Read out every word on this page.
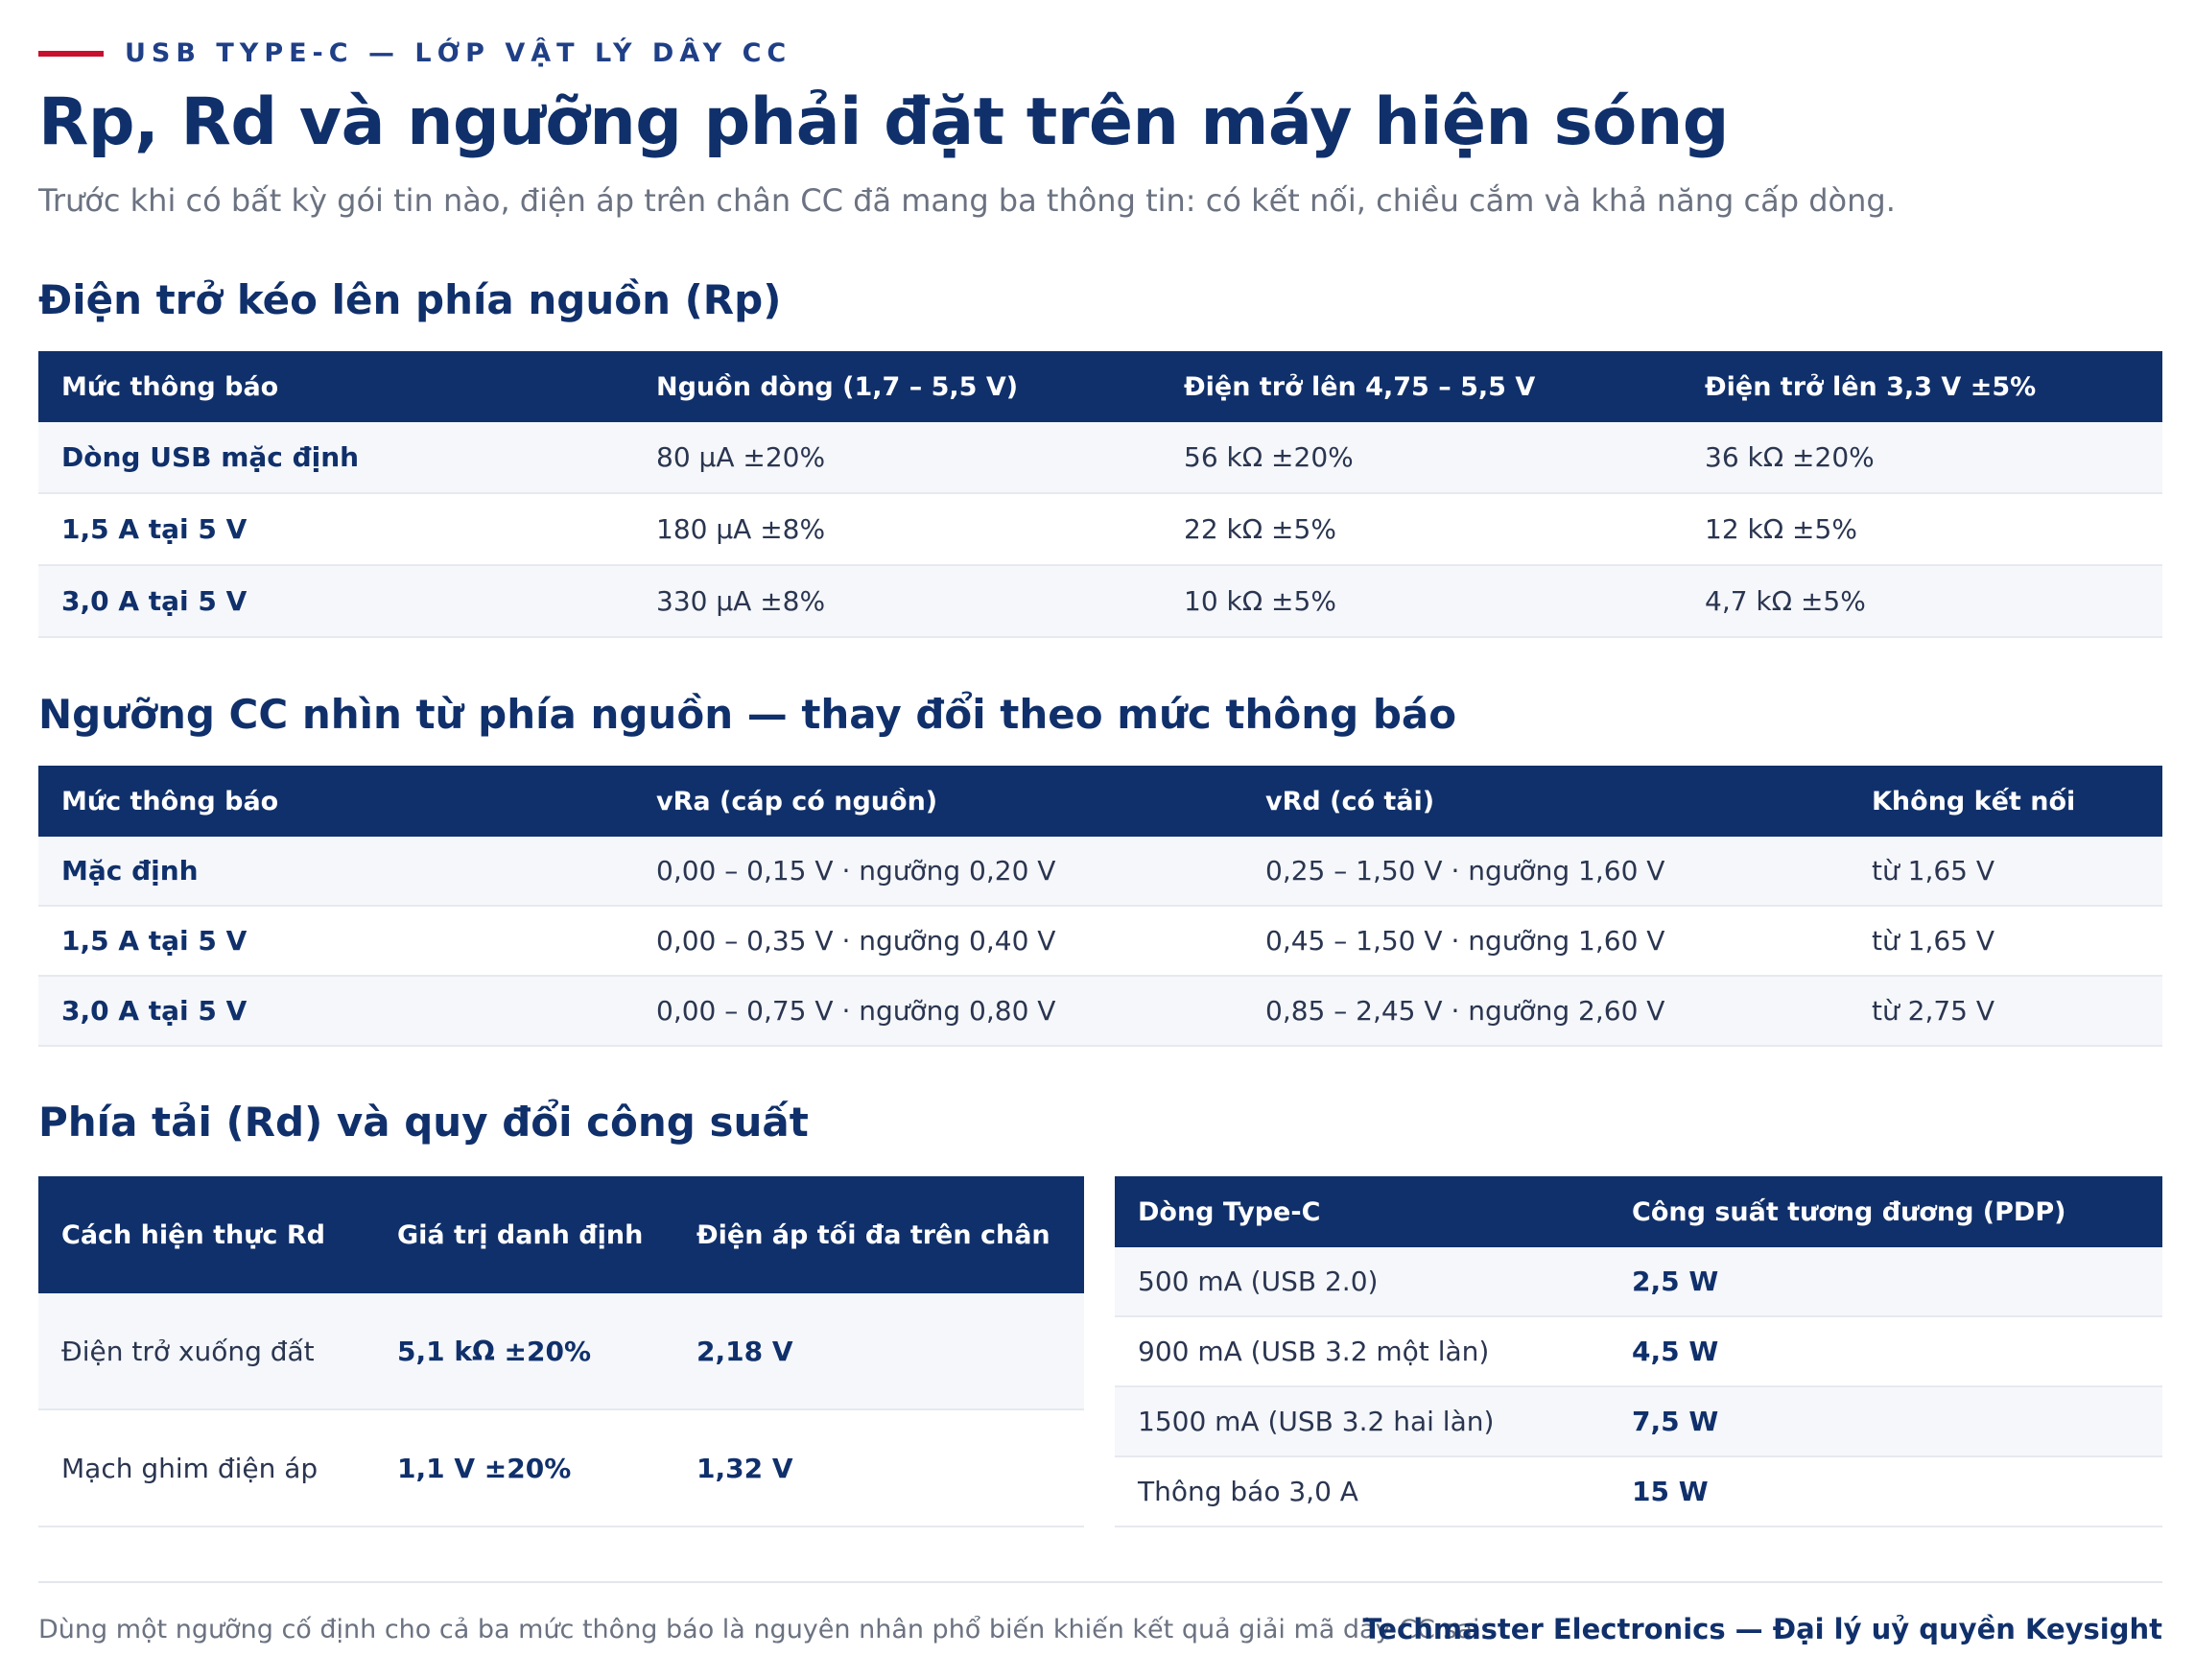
USB TYPE-C — LỚP VẬT LÝ DÂY CC
Rp, Rd và ngưỡng phải đặt trên máy hiện sóng
Trước khi có bất kỳ gói tin nào, điện áp trên chân CC đã mang ba thông tin: có kết nối, chiều cắm và khả năng cấp dòng.
Điện trở kéo lên phía nguồn (Rp)
Mức thông báo	Nguồn dòng (1,7 – 5,5 V)	Điện trở lên 4,75 – 5,5 V	Điện trở lên 3,3 V ±5%
Dòng USB mặc định	80 µA ±20%	56 kΩ ±20%	36 kΩ ±20%
1,5 A tại 5 V	180 µA ±8%	22 kΩ ±5%	12 kΩ ±5%
3,0 A tại 5 V	330 µA ±8%	10 kΩ ±5%	4,7 kΩ ±5%
Ngưỡng CC nhìn từ phía nguồn — thay đổi theo mức thông báo
Mức thông báo	vRa (cáp có nguồn)	vRd (có tải)	Không kết nối
Mặc định	0,00 – 0,15 V · ngưỡng 0,20 V	0,25 – 1,50 V · ngưỡng 1,60 V	từ 1,65 V
1,5 A tại 5 V	0,00 – 0,35 V · ngưỡng 0,40 V	0,45 – 1,50 V · ngưỡng 1,60 V	từ 1,65 V
3,0 A tại 5 V	0,00 – 0,75 V · ngưỡng 0,80 V	0,85 – 2,45 V · ngưỡng 2,60 V	từ 2,75 V
Phía tải (Rd) và quy đổi công suất
Cách hiện thực Rd	Giá trị danh định	Điện áp tối đa trên chân
Điện trở xuống đất	5,1 kΩ ±20%	2,18 V
Mạch ghim điện áp	1,1 V ±20%	1,32 V
Dòng Type-C	Công suất tương đương (PDP)
500 mA (USB 2.0)	2,5 W
900 mA (USB 3.2 một làn)	4,5 W
1500 mA (USB 3.2 hai làn)	7,5 W
Thông báo 3,0 A	15 W
Dùng một ngưỡng cố định cho cả ba mức thông báo là nguyên nhân phổ biến khiến kết quả giải mã dây CC sai.
Techmaster Electronics — Đại lý uỷ quyền Keysight
